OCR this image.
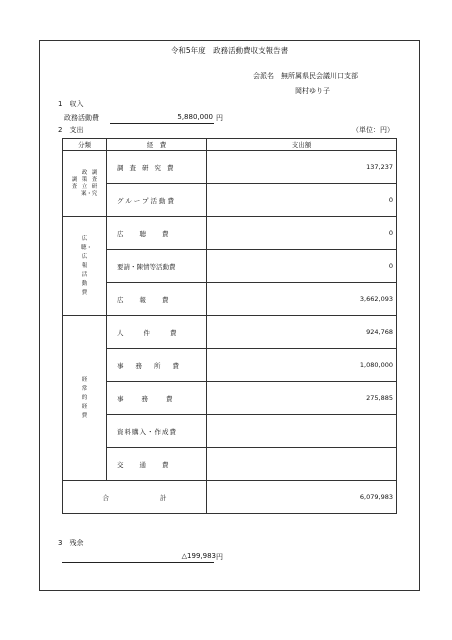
令和5年度　政務活動費収支報告書
会派名　無所属県民会議川口支部
岡村ゆり子
1　収入
政務活動費	5,880,000 円
2　支出	（単位：円）
分類	経　費	支出額

調査
政策立案・
調査研究	調査研究費	137,237
	グループ活動費	0
広聴・広報活動費	広聴費	0
	要請・陳情等活動費	0
	広報費	3,662,093
経常的経費	人件費	924,768
	事務所費	1,080,000
	事務費	275,885
	資料購入・作成費	
	交通費	

合 計		6,079,983
3　残余
△199,983 円
